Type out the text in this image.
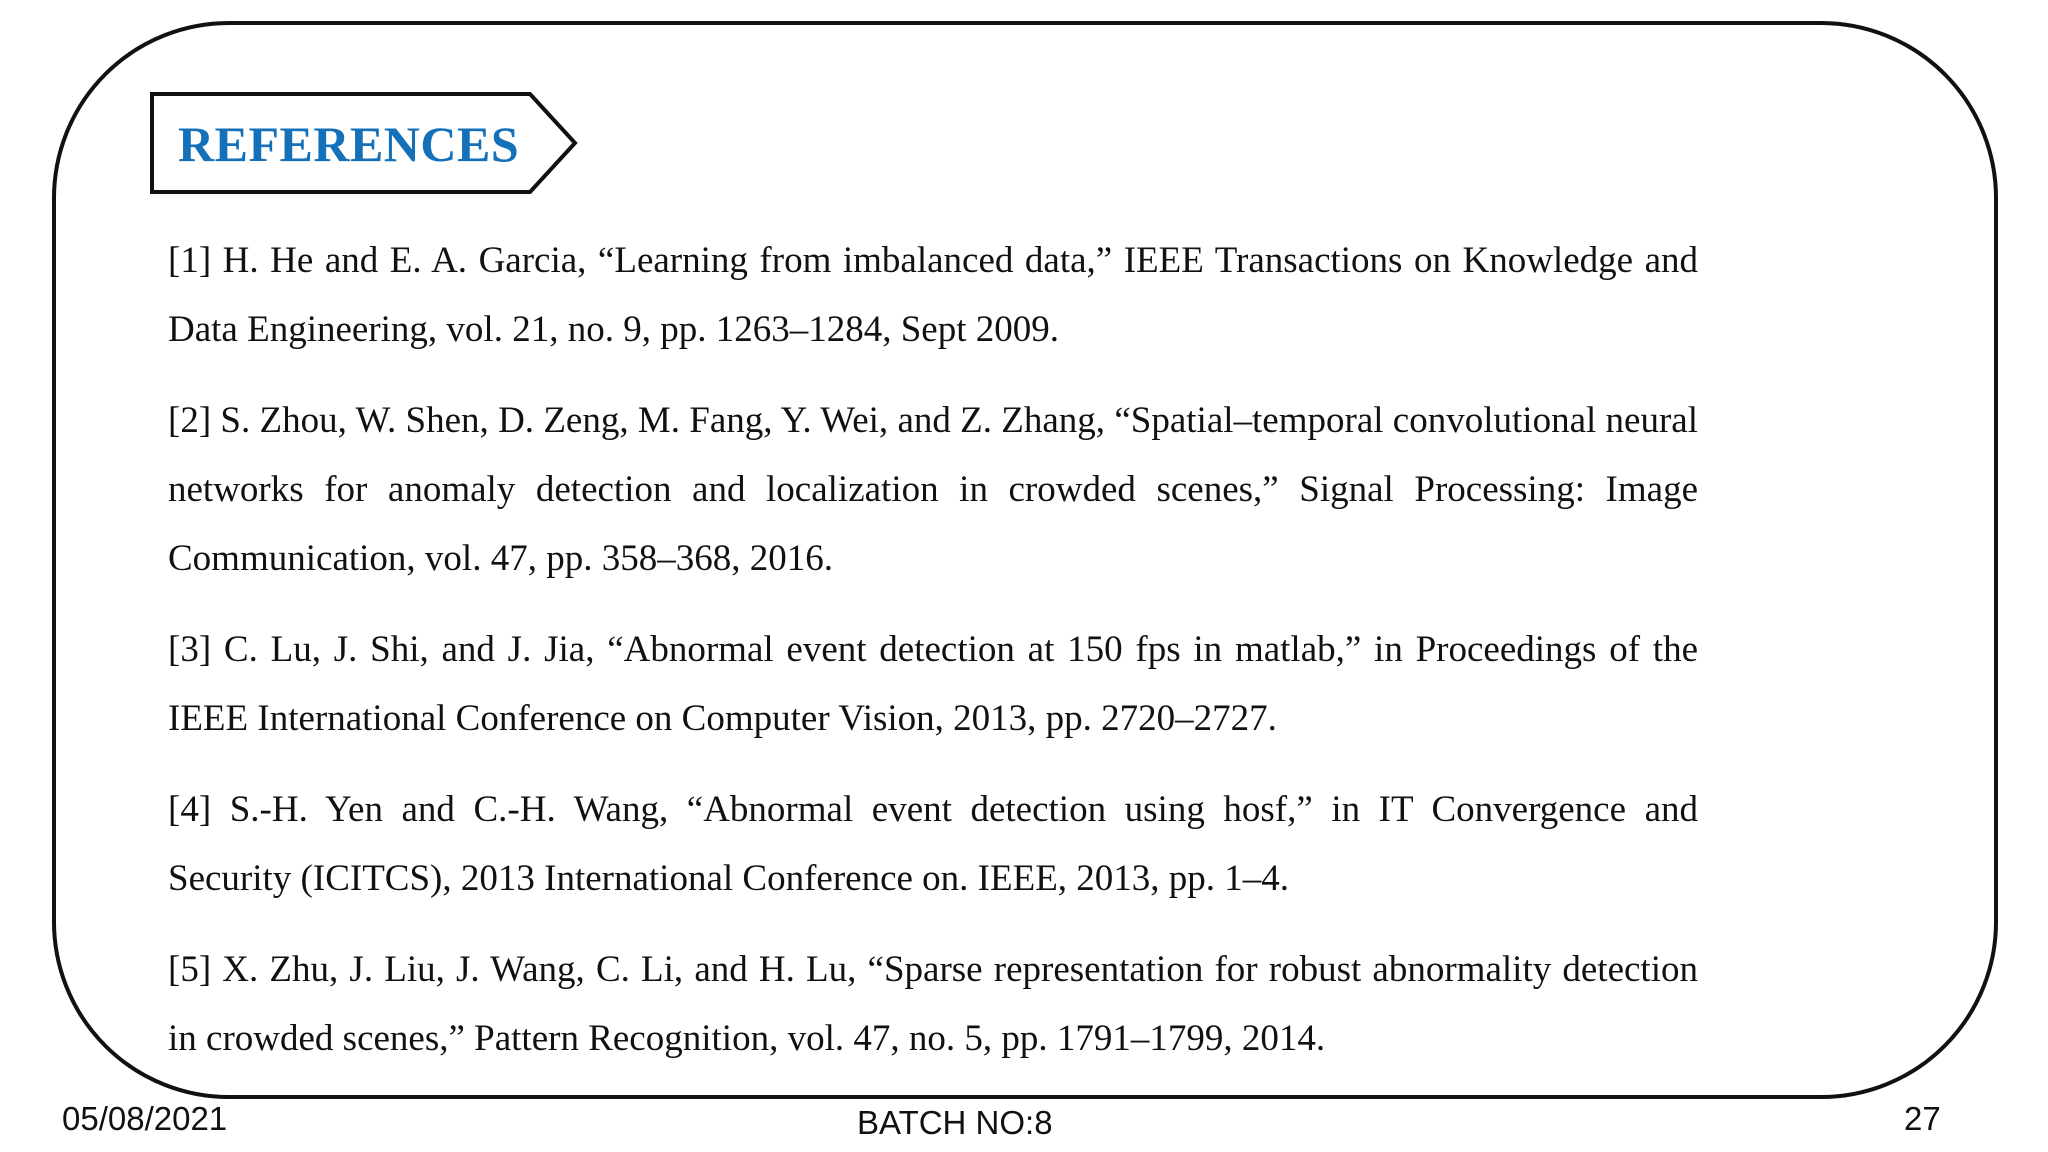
REFERENCES

[1] H. He and E. A. Garcia, “Learning from imbalanced data,” IEEE Transactions on Knowledge and Data Engineering, vol. 21, no. 9, pp. 1263–1284, Sept 2009.

[2] S. Zhou, W. Shen, D. Zeng, M. Fang, Y. Wei, and Z. Zhang, “Spatial–temporal convolutional neural networks for anomaly detection and localization in crowded scenes,” Signal Processing: Image Communication, vol. 47, pp. 358–368, 2016.

[3] C. Lu, J. Shi, and J. Jia, “Abnormal event detection at 150 fps in matlab,” in Proceedings of the IEEE International Conference on Computer Vision, 2013, pp. 2720–2727.

[4] S.-H. Yen and C.-H. Wang, “Abnormal event detection using hosf,” in IT Convergence and Security (ICITCS), 2013 International Conference on. IEEE, 2013, pp. 1–4.

[5] X. Zhu, J. Liu, J. Wang, C. Li, and H. Lu, “Sparse representation for robust abnormality detection in crowded scenes,” Pattern Recognition, vol. 47, no. 5, pp. 1791–1799, 2014.

05/08/2021	BATCH NO:8	27
